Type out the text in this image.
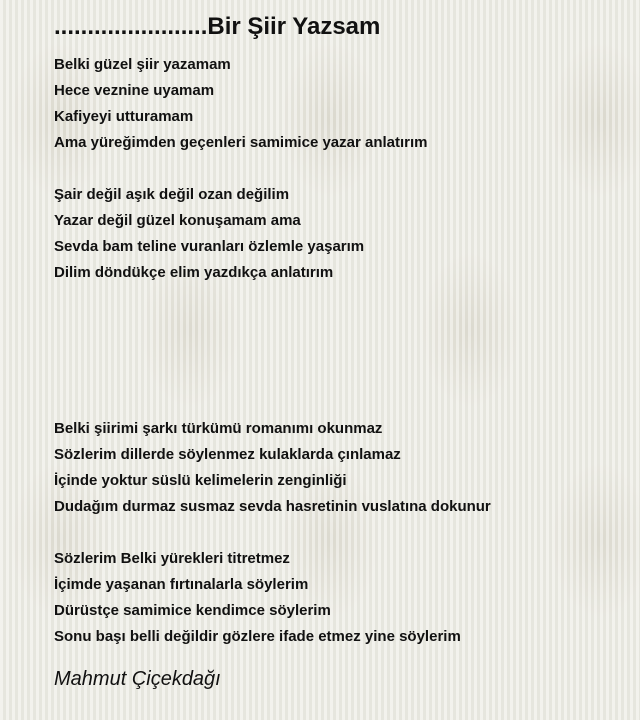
.......................Bir Şiir Yazsam
Belki güzel şiir yazamam
Hece veznine uyamam
Kafiyeyi utturamam
Ama yüreğimden geçenleri samimice yazar anlatırım
Şair değil aşık değil ozan değilim
Yazar değil güzel konuşamam ama
Sevda bam teline vuranları özlemle yaşarım
Dilim döndükçe elim yazdıkça anlatırım
Belki şiirimi şarkı türkümü romanımı okunmaz
Sözlerim dillerde söylenmez kulaklarda çınlamaz
İçinde yoktur süslü kelimelerin zenginliği
Dudağım durmaz susmaz sevda hasretinin vuslatına dokunur
Sözlerim Belki yürekleri titretmez
İçimde yaşanan fırtınalarla söylerim
Dürüstçe samimice kendimce söylerim
Sonu başı belli değildir gözlere ifade etmez yine söylerim
Mahmut Çiçekdağı
